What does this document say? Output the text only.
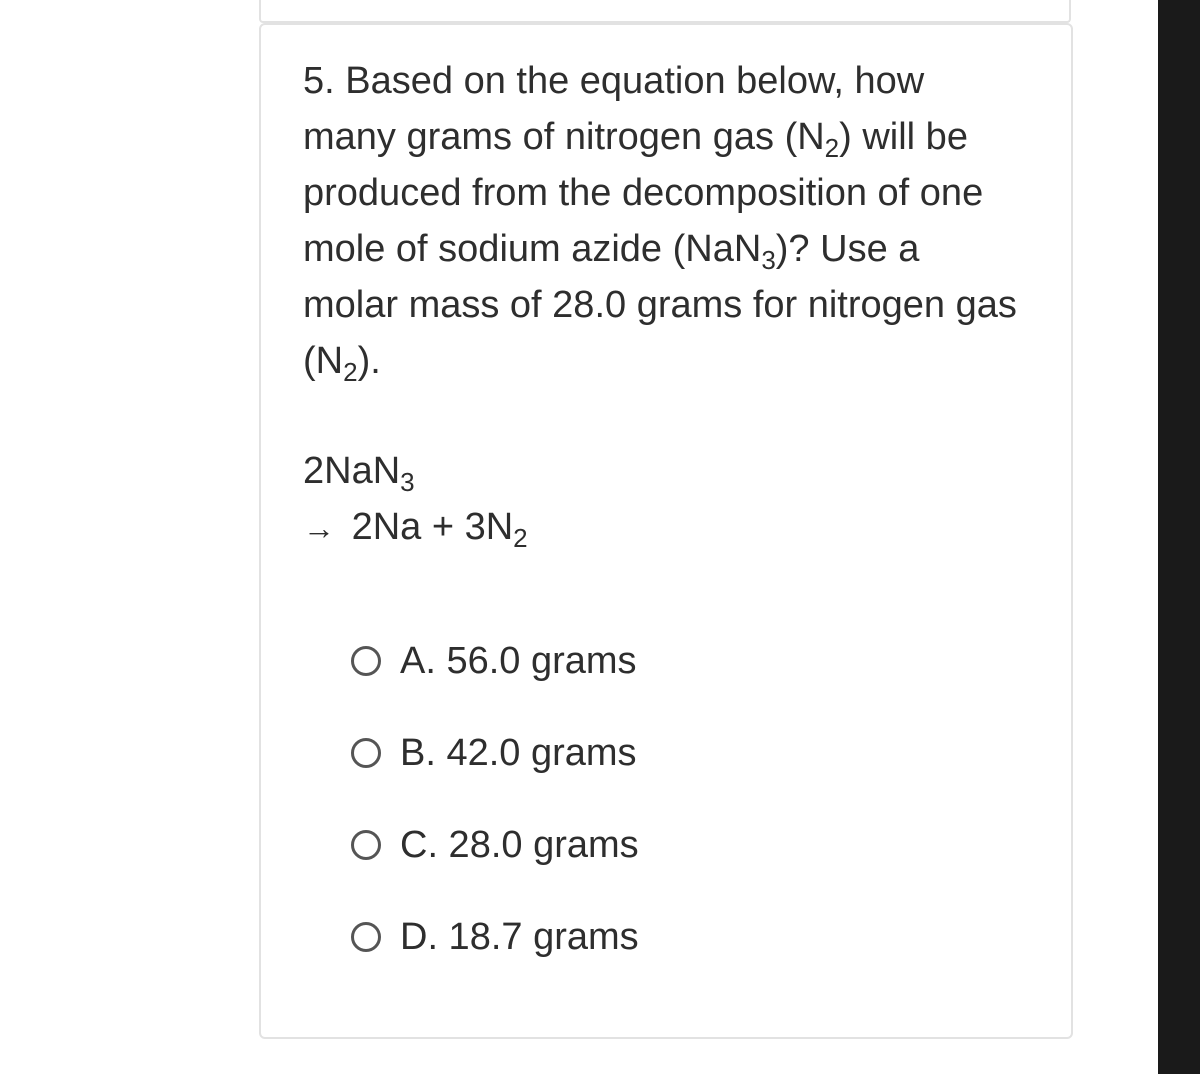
5. Based on the equation below, how many grams of nitrogen gas $(N_2)$ will be produced from the decomposition of one mole of sodium azide (NaN$_3$)? Use a molar mass of 28.0 grams for nitrogen gas $(N_2)$.

2NaN$_3$
→ $2Na + 3N_2$
A. 56.0 grams
B. 42.0 grams
C. 28.0 grams
D. 18.7 grams
